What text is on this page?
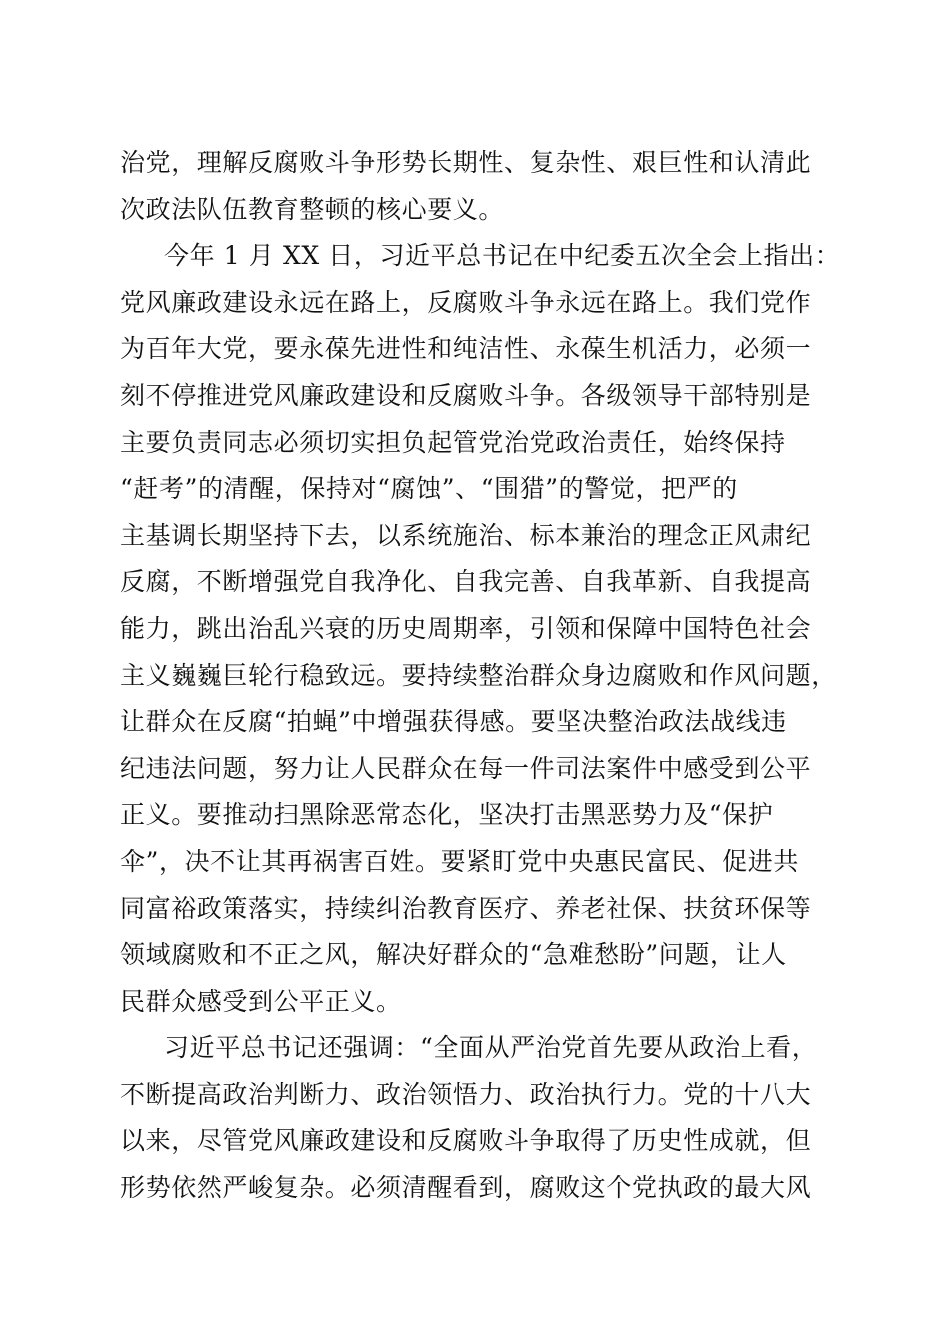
治党，理解反腐败斗争形势长期性、复杂性、艰巨性和认清此
次政法队伍教育整顿的核心要义。
今年 1 月 XX 日，习近平总书记在中纪委五次全会上指出：
党风廉政建设永远在路上，反腐败斗争永远在路上。我们党作
为百年大党，要永葆先进性和纯洁性、永葆生机活力，必须一
刻不停推进党风廉政建设和反腐败斗争。各级领导干部特别是
主要负责同志必须切实担负起管党治党政治责任，始终保持
“赶考”的清醒，保持对“腐蚀”、“围猎”的警觉，把严的
主基调长期坚持下去，以系统施治、标本兼治的理念正风肃纪
反腐，不断增强党自我净化、自我完善、自我革新、自我提高
能力，跳出治乱兴衰的历史周期率，引领和保障中国特色社会
主义巍巍巨轮行稳致远。要持续整治群众身边腐败和作风问题，
让群众在反腐“拍蝇”中增强获得感。要坚决整治政法战线违
纪违法问题，努力让人民群众在每一件司法案件中感受到公平
正义。要推动扫黑除恶常态化，坚决打击黑恶势力及“保护
伞”，决不让其再祸害百姓。要紧盯党中央惠民富民、促进共
同富裕政策落实，持续纠治教育医疗、养老社保、扶贫环保等
领域腐败和不正之风，解决好群众的“急难愁盼”问题，让人
民群众感受到公平正义。
习近平总书记还强调：“全面从严治党首先要从政治上看，
不断提高政治判断力、政治领悟力、政治执行力。党的十八大
以来，尽管党风廉政建设和反腐败斗争取得了历史性成就，但
形势依然严峻复杂。必须清醒看到，腐败这个党执政的最大风
